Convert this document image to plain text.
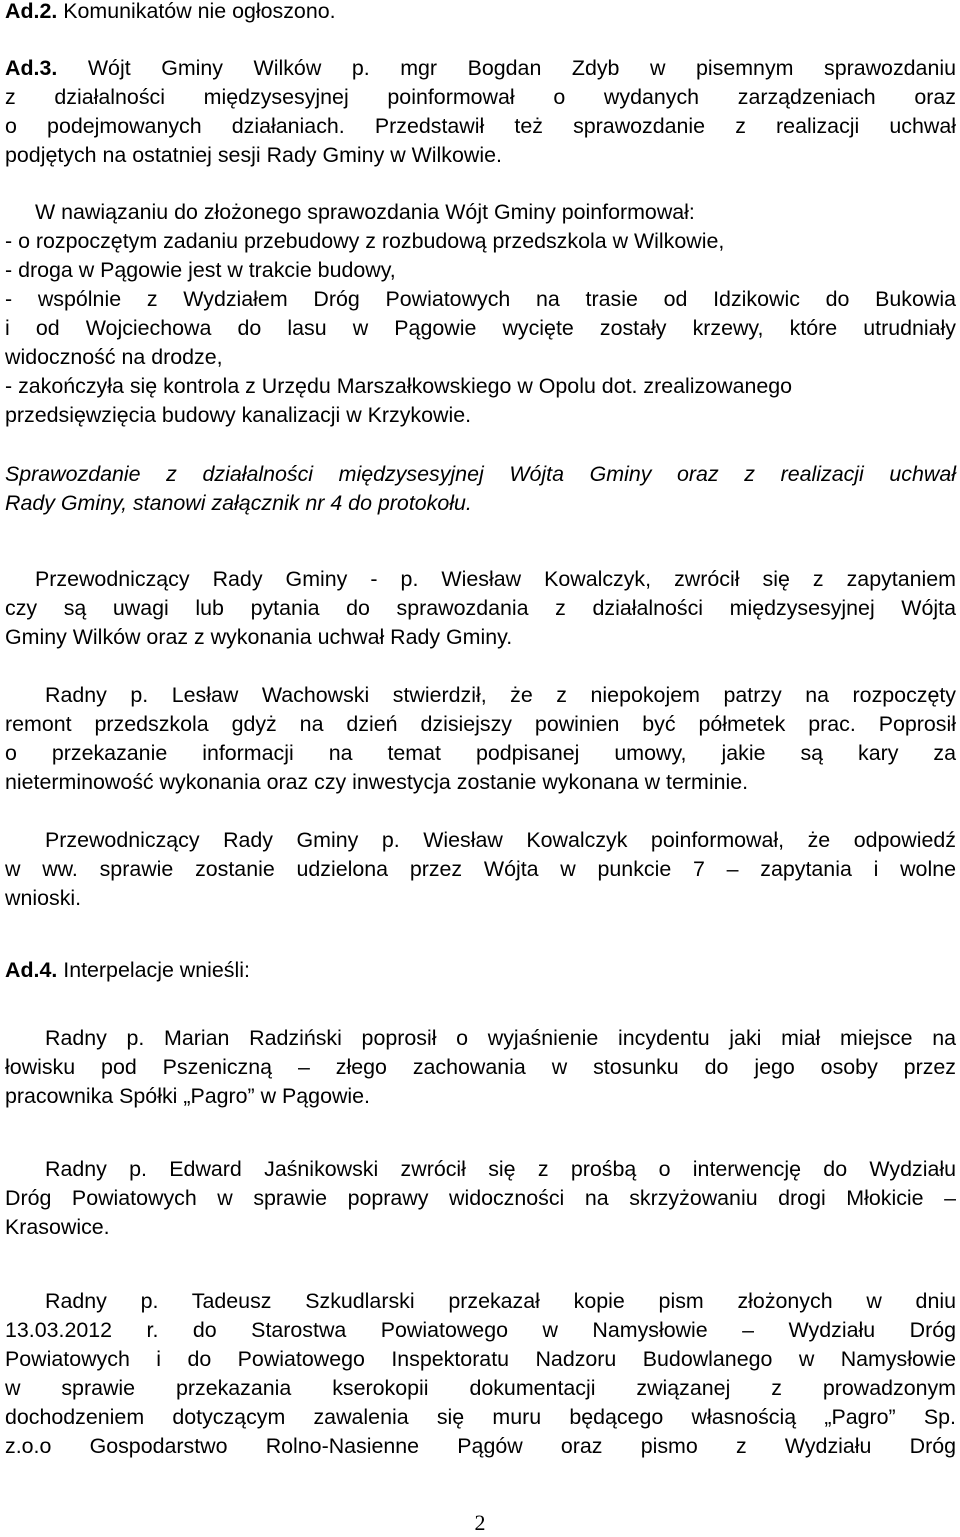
Ad.2. Komunikatów nie ogłoszono.
Ad.3. Wójt Gminy Wilków p. mgr Bogdan Zdyb w pisemnym sprawozdaniu
z działalności międzysesyjnej poinformował o wydanych zarządzeniach oraz
o podejmowanych działaniach. Przedstawił też sprawozdanie z realizacji uchwał
podjętych na ostatniej sesji Rady Gminy w Wilkowie.
W nawiązaniu do złożonego sprawozdania Wójt Gminy poinformował:
- o rozpoczętym zadaniu przebudowy z rozbudową przedszkola w Wilkowie,
- droga w Pągowie jest w trakcie budowy,
- wspólnie z Wydziałem Dróg Powiatowych na trasie od Idzikowic do Bukowia
i od Wojciechowa do lasu w Pągowie wycięte zostały krzewy, które utrudniały
widoczność na drodze,
- zakończyła się kontrola z Urzędu Marszałkowskiego w Opolu dot. zrealizowanego
przedsięwzięcia budowy kanalizacji w Krzykowie.
Sprawozdanie z działalności międzysesyjnej Wójta Gminy oraz z realizacji uchwał
Rady Gminy, stanowi załącznik nr 4 do protokołu.
Przewodniczący Rady Gminy - p. Wiesław Kowalczyk, zwrócił się z zapytaniem
czy są uwagi lub pytania do sprawozdania z działalności międzysesyjnej Wójta
Gminy Wilków oraz z wykonania uchwał Rady Gminy.
Radny p. Lesław Wachowski stwierdził, że z niepokojem patrzy na rozpoczęty
remont przedszkola gdyż na dzień dzisiejszy powinien być półmetek prac. Poprosił
o przekazanie informacji na temat podpisanej umowy, jakie są kary za
nieterminowość wykonania oraz czy inwestycja zostanie wykonana w terminie.
Przewodniczący Rady Gminy p. Wiesław Kowalczyk poinformował, że odpowiedź
w ww. sprawie zostanie udzielona przez Wójta w punkcie 7 – zapytania i wolne
wnioski.
Ad.4. Interpelacje wnieśli:
Radny p. Marian Radziński poprosił o wyjaśnienie incydentu jaki miał miejsce na
łowisku pod Pszeniczną – złego zachowania w stosunku do jego osoby przez
pracownika Spółki „Pagro” w Pągowie.
Radny p. Edward Jaśnikowski zwrócił się z prośbą o interwencję do Wydziału
Dróg Powiatowych w sprawie poprawy widoczności na skrzyżowaniu drogi Młokicie –
Krasowice.
Radny p. Tadeusz Szkudlarski przekazał kopie pism złożonych w dniu
13.03.2012 r. do Starostwa Powiatowego w Namysłowie – Wydziału Dróg
Powiatowych i do Powiatowego Inspektoratu Nadzoru Budowlanego w Namysłowie
w sprawie przekazania kserokopii dokumentacji związanej z prowadzonym
dochodzeniem dotyczącym zawalenia się muru będącego własnością „Pagro” Sp.
z.o.o Gospodarstwo Rolno-Nasienne Pągów oraz pismo z Wydziału Dróg
2
